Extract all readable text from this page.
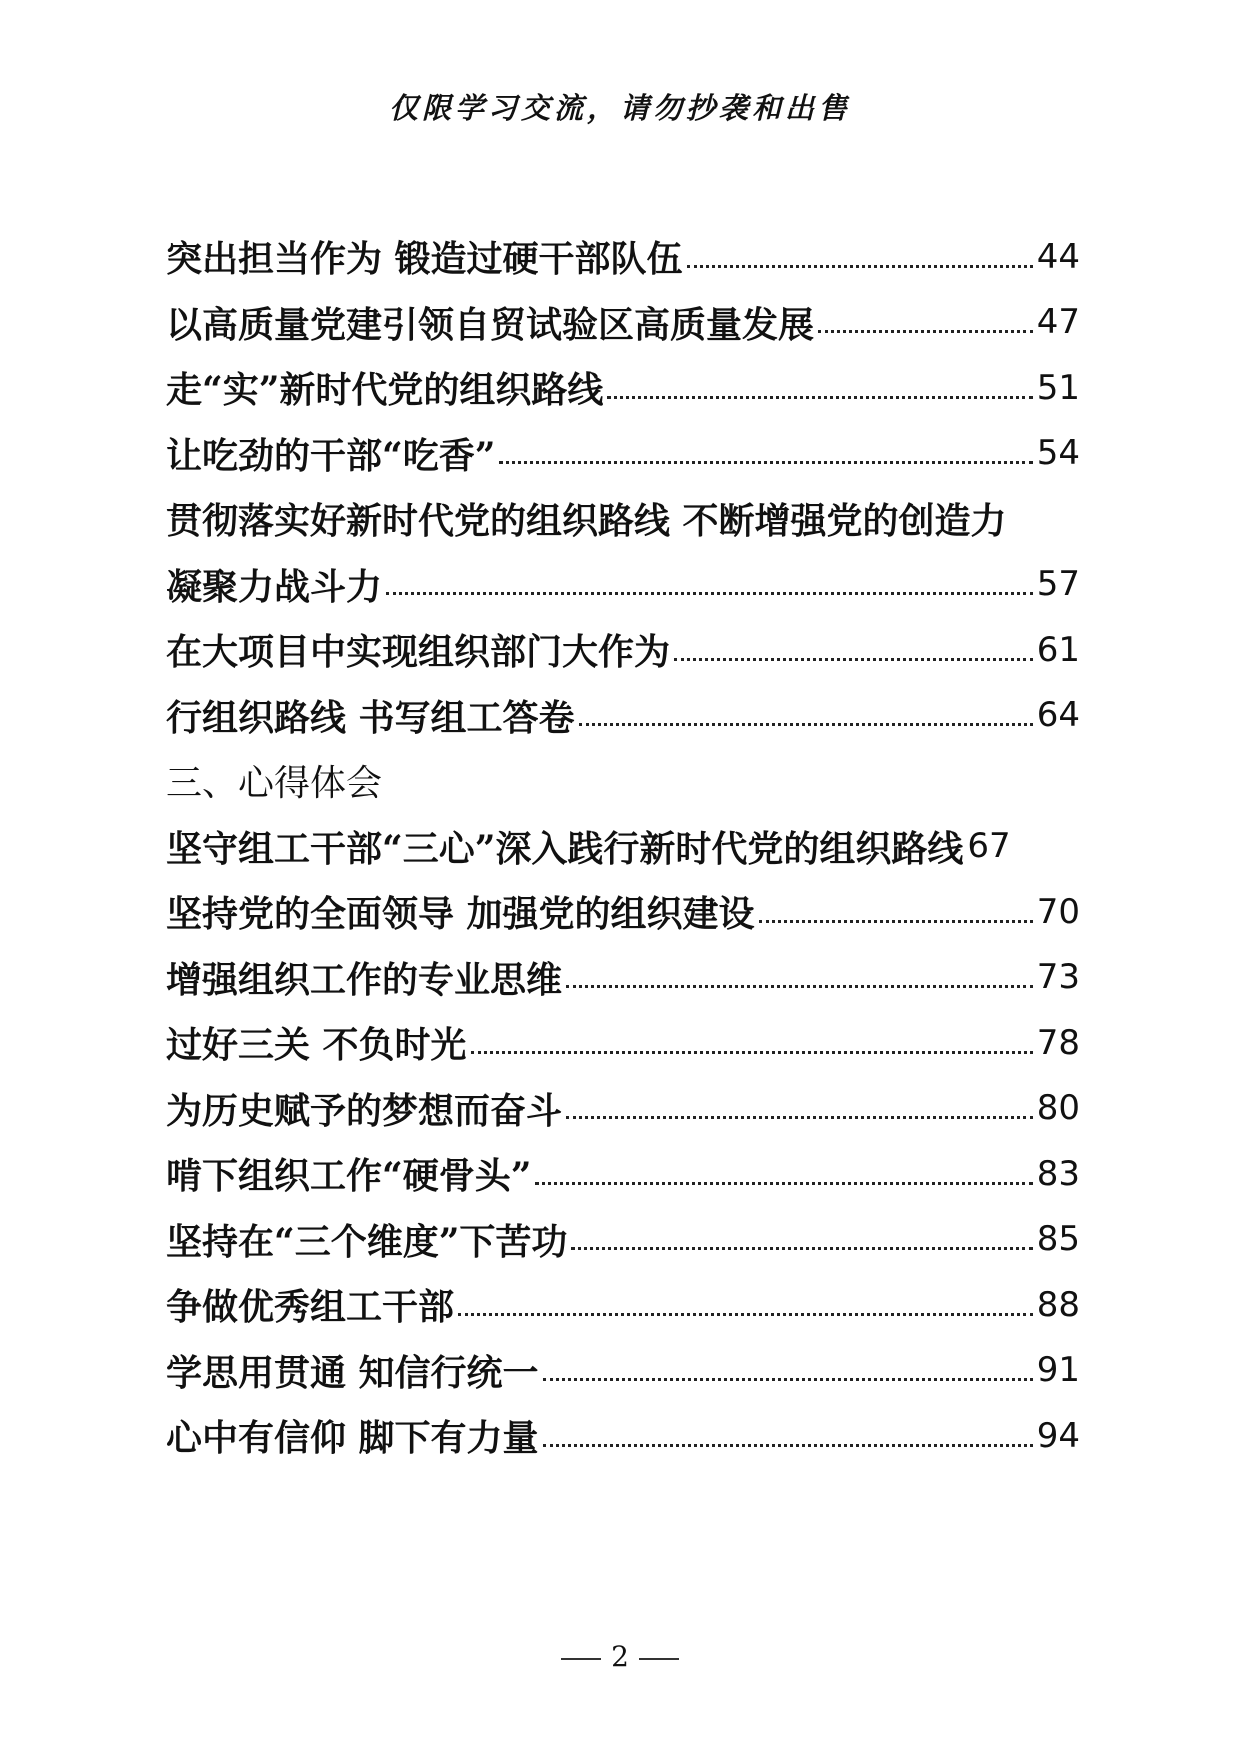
仅限学习交流，请勿抄袭和出售
突出担当作为 锻造过硬干部队伍	44
以高质量党建引领自贸试验区高质量发展	47
走“实”新时代党的组织路线	51
让吃劲的干部“吃香”	54
贯彻落实好新时代党的组织路线 不断增强党的创造力
凝聚力战斗力	57
在大项目中实现组织部门大作为	61
行组织路线 书写组工答卷	64
三、心得体会
坚守组工干部“三心”深入践行新时代党的组织路线 67
坚持党的全面领导 加强党的组织建设	70
增强组织工作的专业思维	73
过好三关 不负时光	78
为历史赋予的梦想而奋斗	80
啃下组织工作“硬骨头”	83
坚持在“三个维度”下苦功	85
争做优秀组工干部	88
学思用贯通 知信行统一	91
心中有信仰 脚下有力量	94
2
